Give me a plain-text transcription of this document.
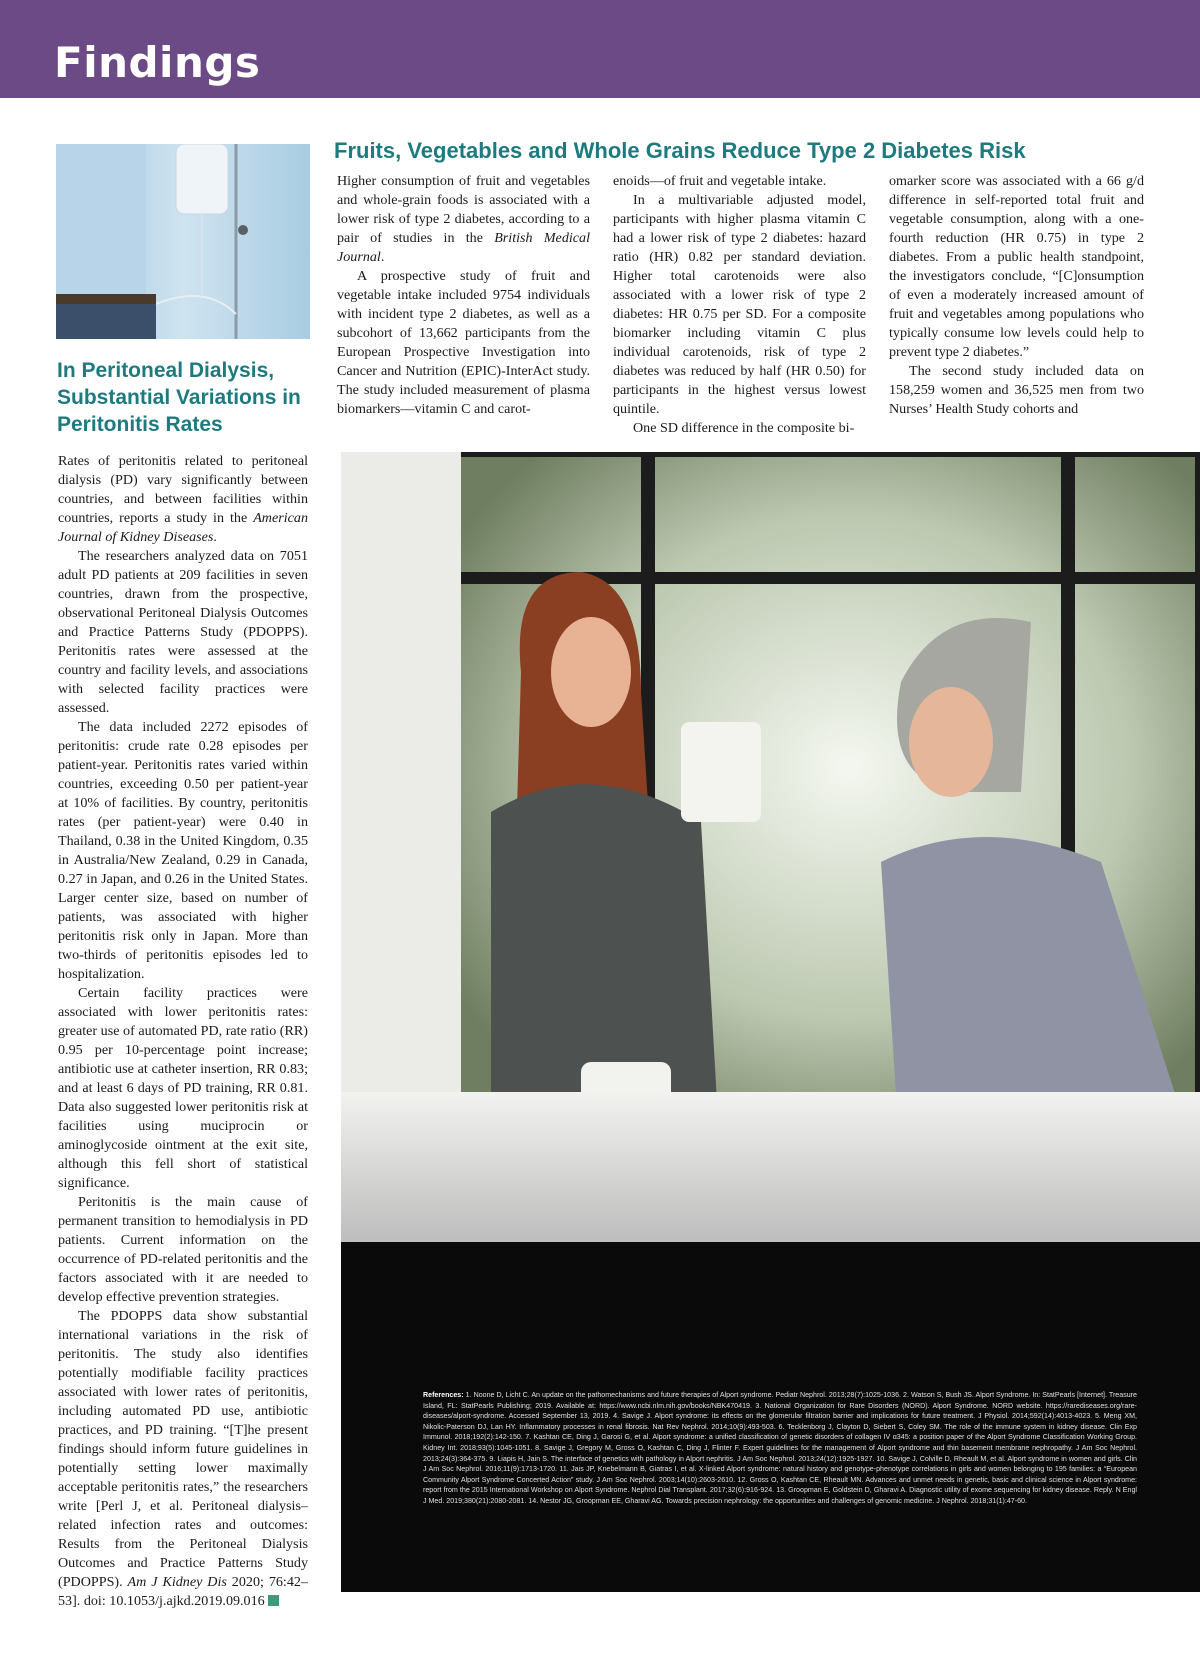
Findings
Fruits, Vegetables and Whole Grains Reduce Type 2 Diabetes Risk

Higher consumption of fruit and vegetables and whole-grain foods is associated with a lower risk of type 2 diabetes, according to a pair of studies in the British Medical Journal.

A prospective study of fruit and vegetable intake included 9754 individuals with incident type 2 diabetes, as well as a subcohort of 13,662 participants from the European Prospective Investigation into Cancer and Nutrition (EPIC)-InterAct study. The study included measurement of plasma biomarkers—vitamin C and carot-

enoids—of fruit and vegetable intake.

In a multivariable adjusted model, participants with higher plasma vitamin C had a lower risk of type 2 diabetes: hazard ratio (HR) 0.82 per standard deviation. Higher total carotenoids were also associated with a lower risk of type 2 diabetes: HR 0.75 per SD. For a composite biomarker including vitamin C plus individual carotenoids, risk of type 2 diabetes was reduced by half (HR 0.50) for participants in the highest versus lowest quintile.

One SD difference in the composite bi-

omarker score was associated with a 66 g/d difference in self-reported total fruit and vegetable consumption, along with a one-fourth reduction (HR 0.75) in type 2 diabetes. From a public health standpoint, the investigators conclude, “[C]onsumption of even a moderately increased amount of fruit and vegetables among populations who typically consume low levels could help to prevent type 2 diabetes.”

The second study included data on 158,259 women and 36,525 men from two Nurses’ Health Study cohorts and

In Peritoneal Dialysis, Substantial Variations in Peritonitis Rates

Rates of peritonitis related to peritoneal dialysis (PD) vary significantly between countries, and between facilities within countries, reports a study in the American Journal of Kidney Diseases.

The researchers analyzed data on 7051 adult PD patients at 209 facilities in seven countries, drawn from the prospective, observational Peritoneal Dialysis Outcomes and Practice Patterns Study (PDOPPS). Peritonitis rates were assessed at the country and facility levels, and associations with selected facility practices were assessed.

The data included 2272 episodes of peritonitis: crude rate 0.28 episodes per patient-year. Peritonitis rates varied within countries, exceeding 0.50 per patient-year at 10% of facilities. By country, peritonitis rates (per patient-year) were 0.40 in Thailand, 0.38 in the United Kingdom, 0.35 in Australia/New Zealand, 0.29 in Canada, 0.27 in Japan, and 0.26 in the United States. Larger center size, based on number of patients, was associated with higher peritonitis risk only in Japan. More than two-thirds of peritonitis episodes led to hospitalization.

Certain facility practices were associated with lower peritonitis rates: greater use of automated PD, rate ratio (RR) 0.95 per 10-percentage point increase; antibiotic use at catheter insertion, RR 0.83; and at least 6 days of PD training, RR 0.81. Data also suggested lower peritonitis risk at facilities using muciprocin or aminoglycoside ointment at the exit site, although this fell short of statistical significance.

Peritonitis is the main cause of permanent transition to hemodialysis in PD patients. Current information on the occurrence of PD-related peritonitis and the factors associated with it are needed to develop effective prevention strategies.

The PDOPPS data show substantial international variations in the risk of peritonitis. The study also identifies potentially modifiable facility practices associated with lower rates of peritonitis, including automated PD use, antibiotic practices, and PD training. “[T]he present findings should inform future guidelines in potentially setting lower maximally acceptable peritonitis rates,” the researchers write [Perl J, et al. Peritoneal dialysis–related infection rates and outcomes: Results from the Peritoneal Dialysis Outcomes and Practice Patterns Study (PDOPPS). Am J Kidney Dis 2020; 76:42–53]. doi: 10.1053/j.ajkd.2019.09.016

References: 1. Noone D, Licht C. An update on the pathomechanisms and future therapies of Alport syndrome. Pediatr Nephrol. 2013;28(7):1025-1036. 2. Watson S, Bush JS. Alport Syndrome. In: StatPearls [Internet]. Treasure Island, FL: StatPearls Publishing; 2019. Available at: https://www.ncbi.nlm.nih.gov/books/NBK470419. 3. National Organization for Rare Disorders (NORD). Alport Syndrome. NORD website. https://rarediseases.org/rare-diseases/alport-syndrome. Accessed September 13, 2019. 4. Savige J. Alport syndrome: its effects on the glomerular filtration barrier and implications for future treatment. J Physiol. 2014;592(14):4013-4023. 5. Meng XM, Nikolic-Paterson DJ, Lan HY. Inflammatory processes in renal fibrosis. Nat Rev Nephrol. 2014;10(9):493-503. 6. Tecklenborg J, Clayton D, Siebert S, Coley SM. The role of the immune system in kidney disease. Clin Exp Immunol. 2018;192(2):142-150. 7. Kashtan CE, Ding J, Garosi G, et al. Alport syndrome: a unified classification of genetic disorders of collagen IV α345: a position paper of the Alport Syndrome Classification Working Group. Kidney Int. 2018;93(5):1045-1051. 8. Savige J, Gregory M, Gross O, Kashtan C, Ding J, Flinter F. Expert guidelines for the management of Alport syndrome and thin basement membrane nephropathy. J Am Soc Nephrol. 2013;24(3):364-375. 9. Liapis H, Jain S. The interface of genetics with pathology in Alport nephritis. J Am Soc Nephrol. 2013;24(12):1925-1927. 10. Savige J, Colville D, Rheault M, et al. Alport syndrome in women and girls. Clin J Am Soc Nephrol. 2016;11(9):1713-1720. 11. Jais JP, Knebelmann B, Giatras I, et al. X-linked Alport syndrome: natural history and genotype-phenotype correlations in girls and women belonging to 195 families: a “European Community Alport Syndrome Concerted Action” study. J Am Soc Nephrol. 2003;14(10):2603-2610. 12. Gross O, Kashtan CE, Rheault MN. Advances and unmet needs in genetic, basic and clinical science in Alport syndrome: report from the 2015 International Workshop on Alport Syndrome. Nephrol Dial Transplant. 2017;32(6):916-924. 13. Groopman E, Goldstein D, Gharavi A. Diagnostic utility of exome sequencing for kidney disease. Reply. N Engl J Med. 2019;380(21):2080-2081. 14. Nestor JG, Groopman EE, Gharavi AG. Towards precision nephrology: the opportunities and challenges of genomic medicine. J Nephrol. 2018;31(1):47-60.
